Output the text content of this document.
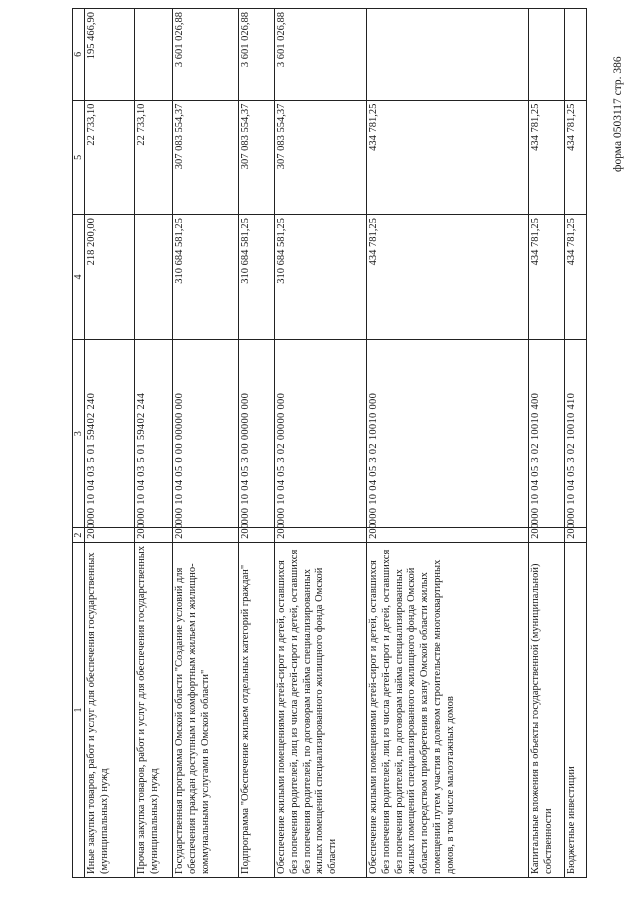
форма 0503117 стр. 386
1	2	3	4	5	6
Иные закупки товаров, работ и услуг для обеспечения государственных (муниципальных) нужд	200	000 10 04 03 5 01 59402 240	218 200,00	22 733,10	195 466,90
Прочая закупка товаров, работ и услуг для обеспечения государственных (муниципальных) нужд	200	000 10 04 03 5 01 59402 244		22 733,10	
Государственная программа Омской области "Создание условий для обеспечения граждан доступным и комфортным жильем и жилищно-коммунальными услугами в Омской области"	200	000 10 04 05 0 00 00000 000	310 684 581,25	307 083 554,37	3 601 026,88
Подпрограмма "Обеспечение жильем отдельных категорий граждан"	200	000 10 04 05 3 00 00000 000	310 684 581,25	307 083 554,37	3 601 026,88
Обеспечение жилыми помещениями детей-сирот и детей, оставшихся без попечения родителей, лиц из числа детей-сирот и детей, оставшихся без попечения родителей, по договорам найма специализированных жилых помещений специализированного жилищного фонда Омской области	200	000 10 04 05 3 02 00000 000	310 684 581,25	307 083 554,37	3 601 026,88
Обеспечение жилыми помещениями детей-сирот и детей, оставшихся без попечения родителей, лиц из числа детей-сирот и детей, оставшихся без попечения родителей, по договорам найма специализированных жилых помещений специализированного жилищного фонда Омской области посредством приобретения в казну Омской области жилых помещений путем участия в долевом строительстве многоквартирных домов, в том числе малоэтажных домов	200	000 10 04 05 3 02 10010 000	434 781,25	434 781,25	
Капитальные вложения в объекты государственной (муниципальной) собственности	200	000 10 04 05 3 02 10010 400	434 781,25	434 781,25	
Бюджетные инвестиции	200	000 10 04 05 3 02 10010 410	434 781,25	434 781,25	
